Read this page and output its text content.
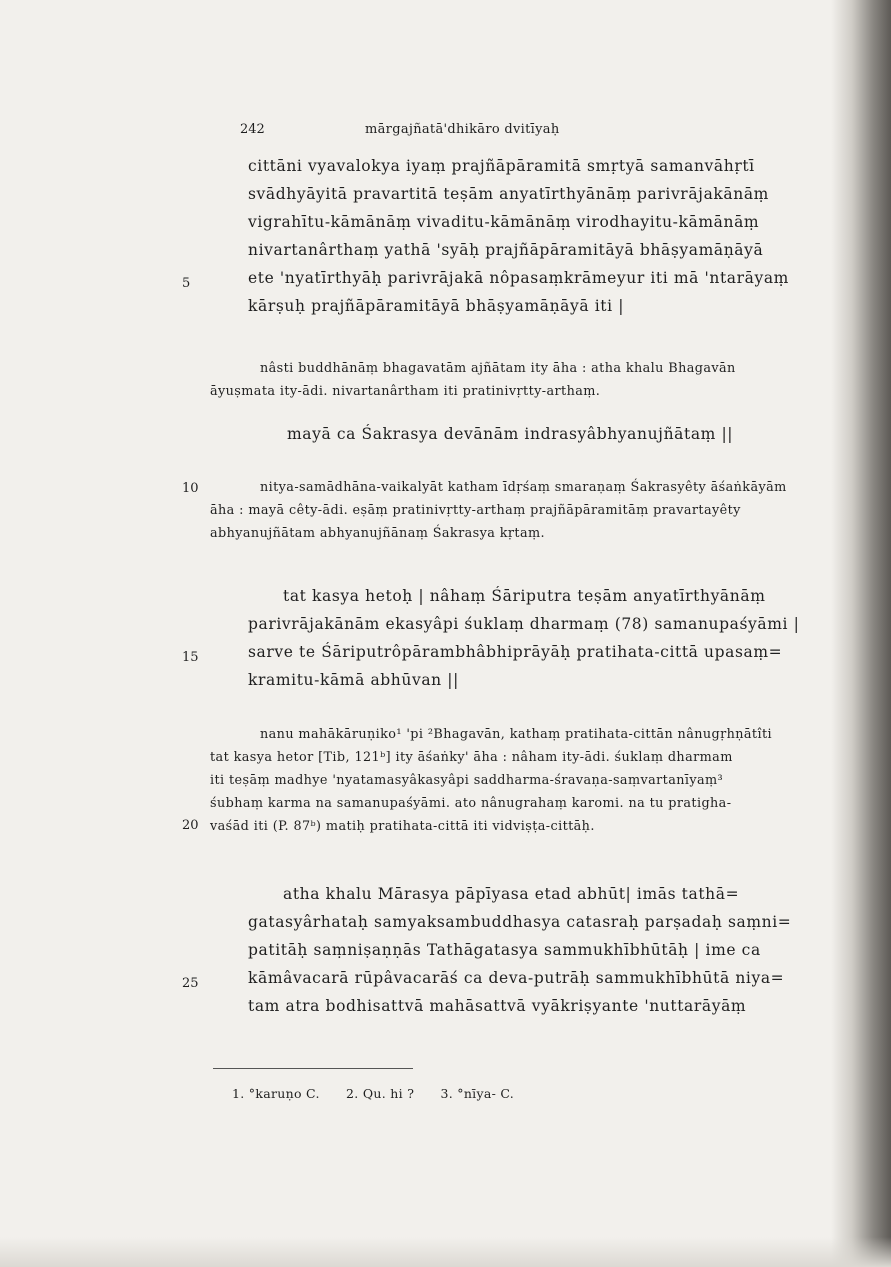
242	mārgajñatā'dhikāro dvitīyaḥ
5
10
15
20
25
cittāni vyavalokya iyaṃ prajñāpāramitā smṛtyā samanvāhṛtī
svādhyāyitā pravartitā teṣām anyatīrthyānāṃ parivrājakānāṃ
vigrahītu-kāmānāṃ vivaditu-kāmānāṃ virodhayitu-kāmānāṃ
nivartanârthaṃ yathā 'syāḥ prajñāpāramitāyā bhāṣyamāṇāyā
ete 'nyatīrthyāḥ parivrājakā nôpasaṃkrāmeyur iti mā 'ntarāyaṃ
kārṣuḥ prajñāpāramitāyā bhāṣyamāṇāyā iti |
nâsti buddhānāṃ bhagavatām ajñātam ity āha : atha khalu Bhagavān
āyuṣmata ity-ādi. nivartanârtham iti pratinivṛtty-arthaṃ.
mayā ca Śakrasya devānām indrasyâbhyanujñātaṃ ||
nitya-samādhāna-vaikalyāt katham īdṛśaṃ smaraṇaṃ Śakrasyêty āśaṅkāyām
āha : mayā cêty-ādi. eṣāṃ pratinivṛtty-arthaṃ prajñāpāramitāṃ pravartayêty
abhyanujñātam abhyanujñānaṃ Śakrasya kṛtaṃ.
tat kasya hetoḥ | nâhaṃ Śāriputra teṣām anyatīrthyānāṃ
parivrājakānām ekasyâpi śuklaṃ dharmaṃ (78) samanupaśyāmi |
sarve te Śāriputrôpārambhâbhiprāyāḥ pratihata-cittā upasaṃ=
kramitu-kāmā abhūvan ||
nanu mahākāruṇiko¹ 'pi ²Bhagavān, kathaṃ pratihata-cittān nânugṛhṇātîti
tat kasya hetor [Tib, 121ᵇ] ity āśaṅky' āha : nâham ity-ādi. śuklaṃ dharmam
iti teṣāṃ madhye 'nyatamasyâkasyâpi saddharma-śravaṇa-saṃvartanīyaṃ³
śubhaṃ karma na samanupaśyāmi. ato nânugrahaṃ karomi. na tu pratigha-
vaśād iti (P. 87ᵇ) matiḥ pratihata-cittā iti vidviṣṭa-cittāḥ.
atha khalu Mārasya pāpīyasa etad abhūt| imās tathā=
gatasyârhataḥ samyaksambuddhasya catasraḥ parṣadaḥ saṃni=
patitāḥ saṃniṣaṇṇās Tathāgatasya sammukhībhūtāḥ | ime ca
kāmâvacarā rūpâvacarāś ca deva-putrāḥ sammukhībhūtā niya=
tam atra bodhisattvā mahāsattvā vyākriṣyante 'nuttarāyāṃ
1. °karuṇo C. 2. Qu. hi ? 3. °nīya- C.
